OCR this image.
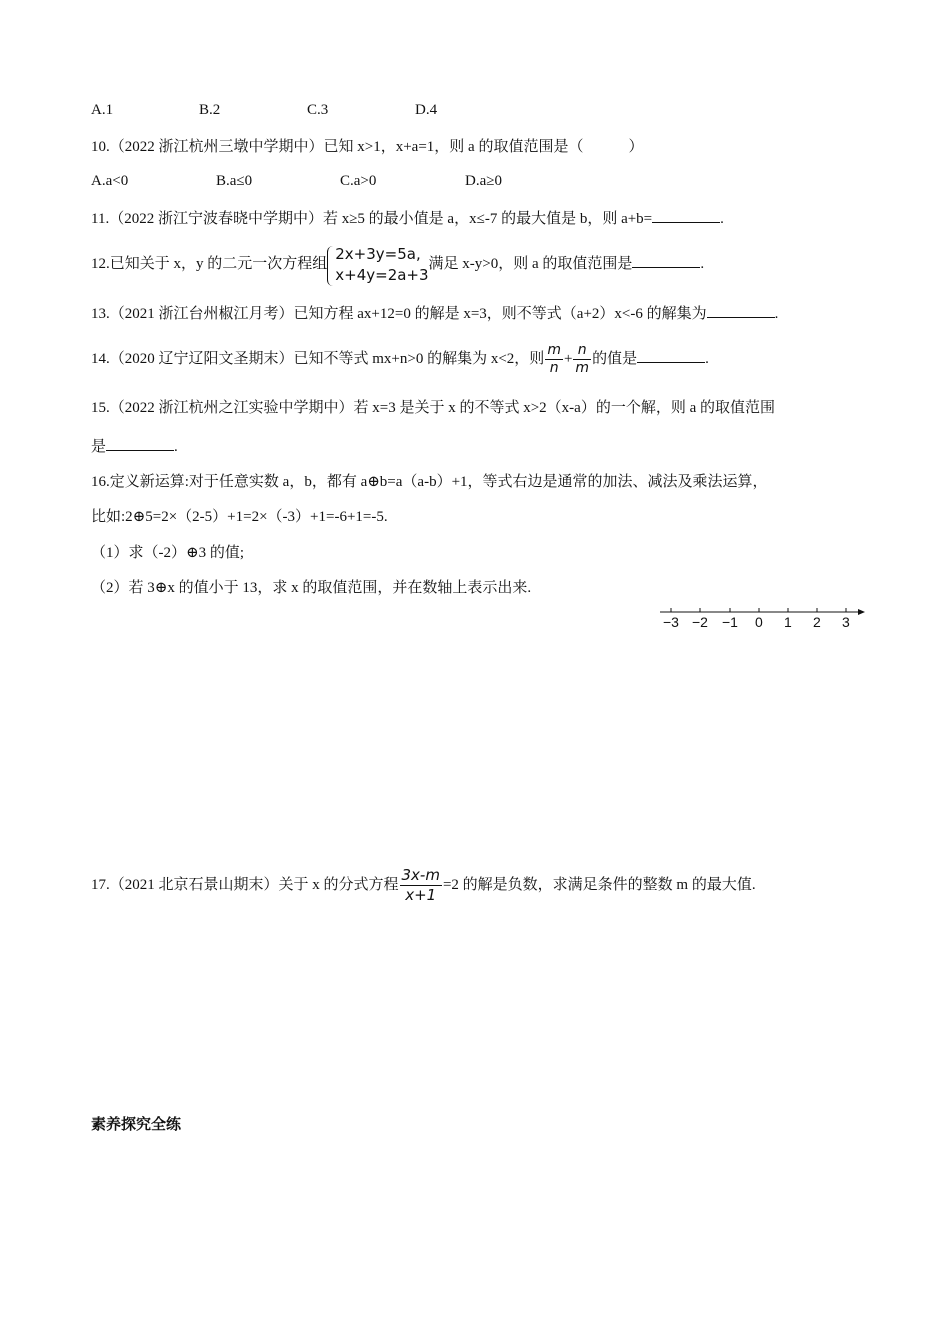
A.1	B.2	C.3	D.4
10.（2022 浙江杭州三墩中学期中）已知 x>1，x+a=1，则 a 的取值范围是（　　　）
A.a<0	B.a≤0	C.a>0	D.a≥0
11.（2022 浙江宁波春晓中学期中）若 x≥5 的最小值是 a，x≤-7 的最大值是 b，则 a+b=	.
12.已知关于 x，y 的二元一次方程组
2x+3y=5a,
x+4y=2a+3
满足 x-y>0，则 a 的取值范围是	.
13.（2021 浙江台州椒江月考）已知方程 ax+12=0 的解是 x=3，则不等式（a+2）x<-6 的解集为	.
14.（2020 辽宁辽阳文圣期末）已知不等式 mx+n>0 的解集为 x<2，则 $\frac{m}{n} + \frac{n}{m}$ 的值是	.
15.（2022 浙江杭州之江实验中学期中）若 x=3 是关于 x 的不等式 x>2（x-a）的一个解，则 a 的取值范围
是	.
16.定义新运算:对于任意实数 a，b，都有 a⊕b=a（a-b）+1，等式右边是通常的加法、减法及乘法运算，
比如:2⊕5=2×（2-5）+1=2×（-3）+1=-6+1=-5.
（1）求（-2）⊕3 的值;
（2）若 3⊕x 的值小于 13，求 x 的取值范围，并在数轴上表示出来.
−3 −2 −1 0 1 2 3
17.（2021 北京石景山期末）关于 x 的分式方程 $\frac{3x-m}{x+1} =2$ 的解是负数，求满足条件的整数 m 的最大值.
素养探究全练
